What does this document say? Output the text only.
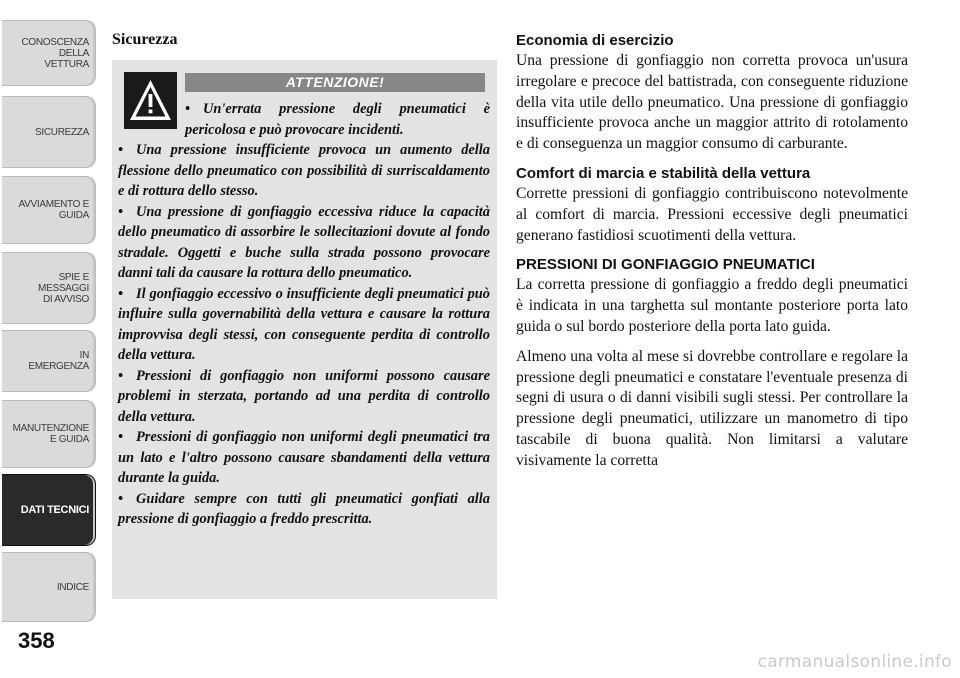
CONOSCENZA DELLA
VETTURA
SICUREZZA
AVVIAMENTO E
GUIDA
SPIE E
MESSAGGI
DI AVVISO
IN
EMERGENZA
MANUTENZIONE
E GUIDA
DATI TECNICI
INDICE
358
Sicurezza
ATTENZIONE!

• Un'errata pressione degli pneumatici è pericolosa e può provocare incidenti.

• Una pressione insufficiente provoca un aumento della flessione dello pneumatico con possibilità di surriscaldamento e di rottura dello stesso.

• Una pressione di gonfiaggio eccessiva riduce la capacità dello pneumatico di assorbire le sollecitazioni dovute al fondo stradale. Oggetti e buche sulla strada possono provocare danni tali da causare la rottura dello pneumatico.

• Il gonfiaggio eccessivo o insufficiente degli pneumatici può influire sulla governabilità della vettura e causare la rottura improvvisa degli stessi, con conseguente perdita di controllo della vettura.

• Pressioni di gonfiaggio non uniformi possono causare problemi in sterzata, portando ad una perdita di controllo della vettura.

• Pressioni di gonfiaggio non uniformi degli pneumatici tra un lato e l'altro possono causare sbandamenti della vettura durante la guida.

• Guidare sempre con tutti gli pneumatici gonfiati alla pressione di gonfiaggio a freddo prescritta.

Economia di esercizio

Una pressione di gonfiaggio non corretta provoca un'usura irregolare e precoce del battistrada, con conseguente riduzione della vita utile dello pneumatico. Una pressione di gonfiaggio insufficiente provoca anche un maggior attrito di rotolamento e di conseguenza un maggior consumo di carburante.

Comfort di marcia e stabilità della vettura

Corrette pressioni di gonfiaggio contribuiscono notevolmente al comfort di marcia. Pressioni eccessive degli pneumatici generano fastidiosi scuotimenti della vettura.

PRESSIONI DI GONFIAGGIO PNEUMATICI

La corretta pressione di gonfiaggio a freddo degli pneumatici è indicata in una targhetta sul montante posteriore porta lato guida o sul bordo posteriore della porta lato guida.

Almeno una volta al mese si dovrebbe controllare e regolare la pressione degli pneumatici e constatare l'eventuale presenza di segni di usura o di danni visibili sugli stessi. Per controllare la pressione degli pneumatici, utilizzare un manometro di tipo tascabile di buona qualità. Non limitarsi a valutare visivamente la corretta

carmanualsonline.info
